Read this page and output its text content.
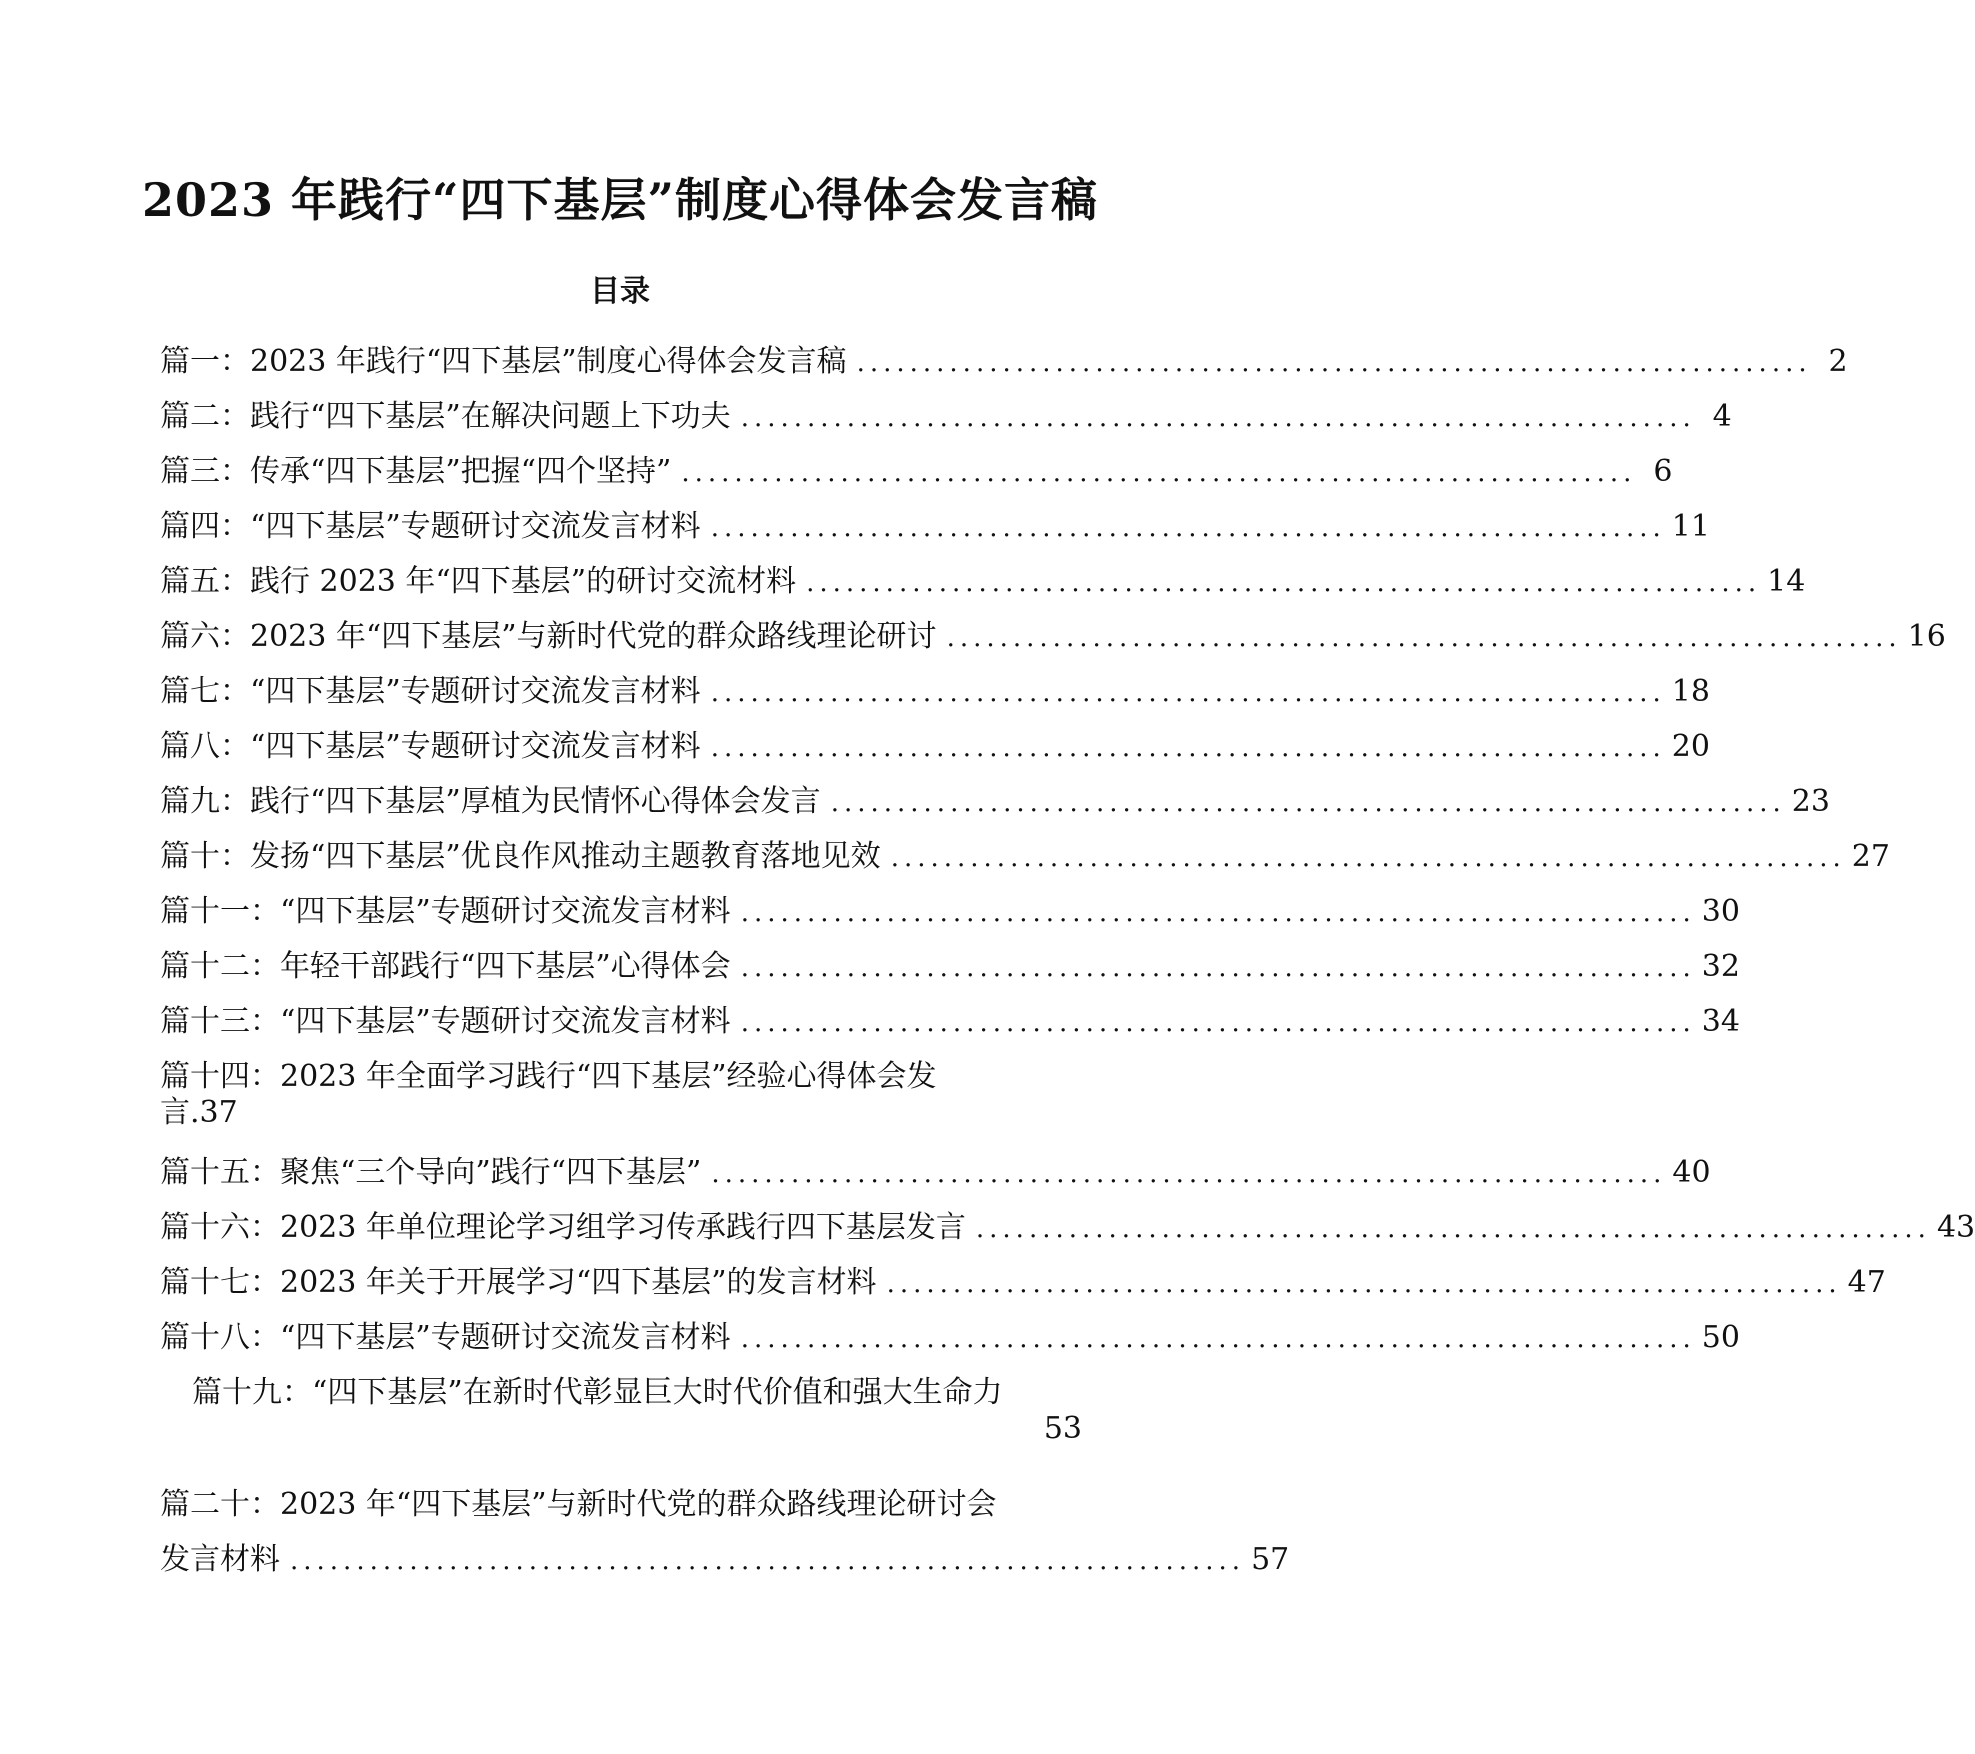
2023 年践行“四下基层”制度心得体会发言稿
目录
篇一：2023 年践行“四下基层”制度心得体会发言稿 ........................................................................ 2
篇二：践行“四下基层”在解决问题上下功夫 ........................................................................ 4
篇三：传承“四下基层”把握“四个坚持” ........................................................................ 6
篇四：“四下基层”专题研讨交流发言材料 ........................................................................ 11
篇五：践行 2023 年“四下基层”的研讨交流材料 ........................................................................ 14
篇六：2023 年“四下基层”与新时代党的群众路线理论研讨 ........................................................................ 16
篇七：“四下基层”专题研讨交流发言材料 ........................................................................ 18
篇八：“四下基层”专题研讨交流发言材料 ........................................................................ 20
篇九：践行“四下基层”厚植为民情怀心得体会发言 ........................................................................ 23
篇十：发扬“四下基层”优良作风推动主题教育落地见效 ........................................................................ 27
篇十一：“四下基层”专题研讨交流发言材料 ........................................................................ 30
篇十二：年轻干部践行“四下基层”心得体会 ........................................................................ 32
篇十三：“四下基层”专题研讨交流发言材料 ........................................................................ 34
篇十四：2023 年全面学习践行“四下基层”经验心得体会发
言.37
篇十五：聚焦“三个导向”践行“四下基层” ........................................................................ 40
篇十六：2023 年单位理论学习组学习传承践行四下基层发言 ........................................................................ 43
篇十七：2023 年关于开展学习“四下基层”的发言材料 ........................................................................ 47
篇十八：“四下基层”专题研讨交流发言材料 ........................................................................ 50
篇十九：“四下基层”在新时代彰显巨大时代价值和强大生命力
53
篇二十：2023 年“四下基层”与新时代党的群众路线理论研讨会
发言材料 ........................................................................ 57
